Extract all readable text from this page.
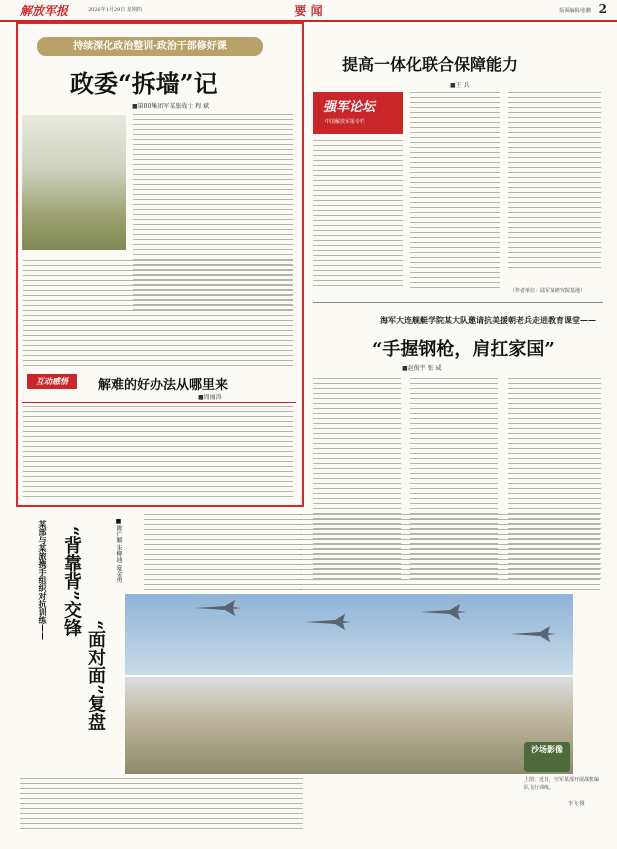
解放军报	2026年1月29日 星期四	要 闻	版面编辑/张鹏 2
持续深化政治整训·政治干部修好课
政委“拆墙”记
■第80集团军某旅战士 程 斌
互动感悟	解难的好办法从哪里来
■周丽涛
提高一体化联合保障能力
■王 兵
强军论坛
中国解放军报专栏
（作者单位：陆军某研究院基地）
海军大连舰艇学院某大队邀请抗美援朝老兵走进教育课堂——
“手握钢枪，肩扛家国”
■赵俊宇 张 威
某部与某旅携手组织对抗训练—— “背靠背”交锋
“面对面”复盘
■陈广顺 朱柳迪 夏金勇
沙场影像
上图：近日，空军某部开展战机编队飞行训练。
李飞 摄
